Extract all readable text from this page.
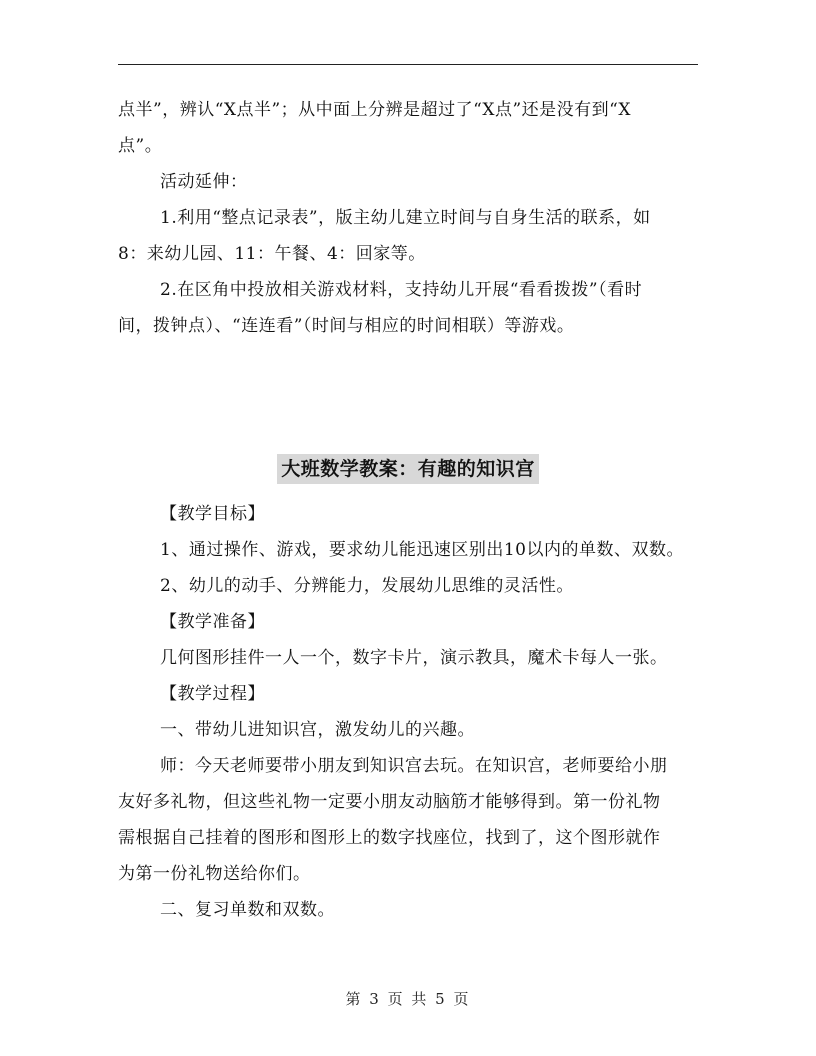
点半”，辨认“X点半”；从中面上分辨是超过了“X点”还是没有到“X
点”。
活动延伸：
1.利用“整点记录表”，版主幼儿建立时间与自身生活的联系，如
8：来幼儿园、11：午餐、4：回家等。
2.在区角中投放相关游戏材料，支持幼儿开展“看看拨拨”（看时
间，拨钟点）、“连连看”（时间与相应的时间相联）等游戏。
大班数学教案：有趣的知识宫
【教学目标】
1、通过操作、游戏，要求幼儿能迅速区别出10以内的单数、双数。
2、幼儿的动手、分辨能力，发展幼儿思维的灵活性。
【教学准备】
几何图形挂件一人一个，数字卡片，演示教具，魔术卡每人一张。
【教学过程】
一、带幼儿进知识宫，激发幼儿的兴趣。
师：今天老师要带小朋友到知识宫去玩。在知识宫，老师要给小朋
友好多礼物，但这些礼物一定要小朋友动脑筋才能够得到。第一份礼物
需根据自己挂着的图形和图形上的数字找座位，找到了，这个图形就作
为第一份礼物送给你们。
二、复习单数和双数。
第 3 页 共 5 页
